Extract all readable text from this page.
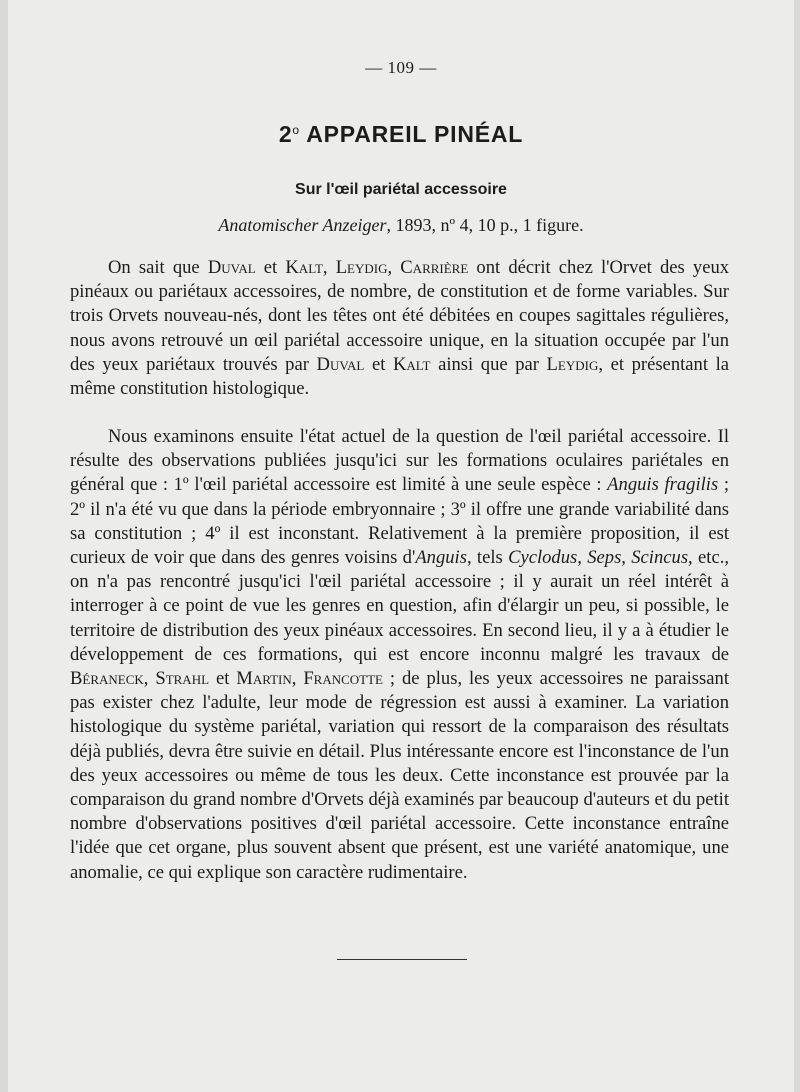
— 109 —
2$^o$ APPAREIL PINÉAL
Sur l'œil pariétal accessoire
Anatomischer Anzeiger, 1893, nº 4, 10 p., 1 figure.

On sait que Duval et Kalt, Leydig, Carrière ont décrit chez l'Orvet des yeux pinéaux ou pariétaux accessoires, de nombre, de constitution et de forme variables. Sur trois Orvets nouveau-nés, dont les têtes ont été débitées en coupes sagittales régulières, nous avons retrouvé un œil pariétal accessoire unique, en la situation occupée par l'un des yeux pariétaux trouvés par Duval et Kalt ainsi que par Leydig, et présentant la même constitution histologique.

Nous examinons ensuite l'état actuel de la question de l'œil pariétal accessoire. Il résulte des observations publiées jusqu'ici sur les formations oculaires pariétales en général que : 1º l'œil pariétal accessoire est limité à une seule espèce : Anguis fragilis ; 2º il n'a été vu que dans la période embryonnaire ; 3º il offre une grande variabilité dans sa constitution ; 4º il est inconstant. Relativement à la première proposition, il est curieux de voir que dans des genres voisins d'Anguis, tels Cyclodus, Seps, Scincus, etc., on n'a pas rencontré jusqu'ici l'œil pariétal accessoire ; il y aurait un réel intérêt à interroger à ce point de vue les genres en question, afin d'élargir un peu, si possible, le territoire de distribution des yeux pinéaux accessoires. En second lieu, il y a à étudier le développement de ces formations, qui est encore inconnu malgré les travaux de Béraneck, Strahl et Martin, Francotte ; de plus, les yeux accessoires ne paraissant pas exister chez l'adulte, leur mode de régression est aussi à examiner. La variation histologique du système pariétal, variation qui ressort de la comparaison des résultats déjà publiés, devra être suivie en détail. Plus intéressante encore est l'inconstance de l'un des yeux accessoires ou même de tous les deux. Cette inconstance est prouvée par la comparaison du grand nombre d'Orvets déjà examinés par beaucoup d'auteurs et du petit nombre d'observations positives d'œil pariétal accessoire. Cette inconstance entraîne l'idée que cet organe, plus souvent absent que présent, est une variété anatomique, une anomalie, ce qui explique son caractère rudimentaire.
